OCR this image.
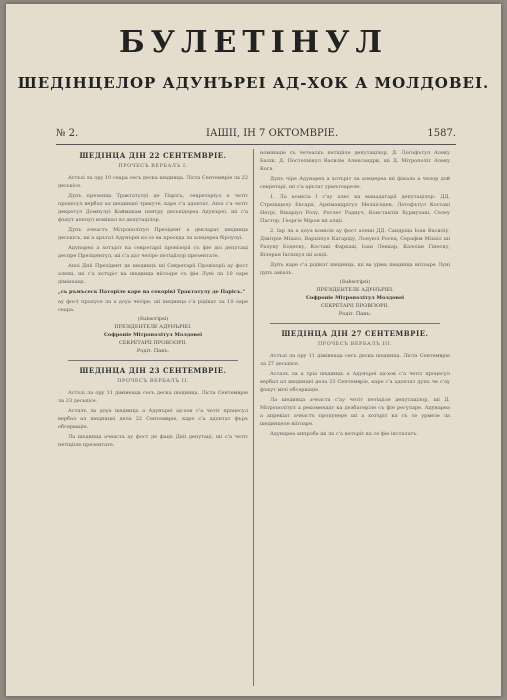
БУЛЕТIНУЛ
ШЕДIНЦЕЛОР АДУНЪРЕI АД-ХОК А МОЛДОВЕI.
№ 2.	IАШII, IН 7 ОКТОМВРIЕ.	1587.
ШЕДIНЦА ДIН 22 СЕНТЕМВРIЕ.
ПРОЧЕСЪ ВЕРБАЛЪ I.

Астъзi ла ору 10 сеара сесъ деска шединца. Лiста Сентемврiе ла 22 деськiсе.

Дупъ презенца Трактатулуi де Парiсъ, секретарiул а четiт процесул вербал ал шединцеi трекуте, каре с'а адоптат. Апоi с'а четiт декретул Домнулуi Каймакам пентру деськiдереа Адунъреi, шi с'а фъкут апелул номiнал ал депутацiлор.

Дупъ ачеастъ Мiтрополiтул Презiдент а декларат шединца деськiсъ, шi а арътат Адунъреi кэ се ва проседа ла алеџереа бiроулуi.

Адунареа а хотърiт ка секретарii провiзорii съ фiе доi депутацi деспре Презiдентул, шi с'а дат четiре петiцiiлор презентате.

Апоi Днii Презiдент де шединцъ шi Секретарii Провiзорii ау фост алешi, шi с'а хотърiт ка шединца вiiтоаре съ фiе Лунi ла 10 оаре дiмiнеаца.

„сь ръмъсеск Паторiле каре ва секорiкi Трактатулу де Парiсъ."

ау фост пропусе ла а доуа четiре, шi шединца с'а рiдiкат ла 10 оаре сеара.

(Subscripsi)
ПРЕЗIДЕНТЕЛЕ АДУНЪРIЕI.
Софронiе Мiтрополiтул Молдовеi
СЕКРЕТАРII ПРОВIЗОРII.
Родiт. Пакъ.
ШЕДIНЦА ДIН 23 СЕНТЕМВРIЕ.
ПРОЧЕСЪ ВЕРБАЛЪ II.

Астъзi ла ору 11 дiмiнеаца сесъ деска шединца. Лiста Сентемврiе ла 23 деськiсе.

Асталъ ла доуа шединцъ а Адунъреi ад-хок с'а четiт процесул вербал ал шединцеi дела 22 Сентемврiе, каре с'а адоптат фъръ обсервацiе.

Ла шединца ачеаста ау фост де фацъ Днii депутацi, шi с'а четiт петiцiiле презентате.

номiнацiе съ четеаскъ петiцiiле депутацiлор, Д. Лоґофътул Алеку Балш, Д. Постелнiкул Василiе Александри, шi Д. Мiтрополiт Алеку Кога.

Дупъ чiре Адунареа а хотърiт ла алеџереа шi фiнала а челор дой секретарi, шi с'а арътат урмътоареле:

1. Ла комiсiа I с'ау алес ка манадатарii депутацiлор: ДД. Стреiшцелу Ексарх, Архiмандрiтул Мелхiседек, Логофътул Костакi Негрi, Вiкарiул Ролу, Рослет Раднуч, Константiн Хурмузакi, Селеу Пастор, Георгiе Мiрон шi алцii.

2. Iар ла а доуа комiсiе ау фост алешi ДД. Сандрiца Iоан Василiу, Дiмiтрiе Мiхаiл, Вархiпiул Кагарiду, Лопуюл Росец, Серафiм Мiхаiл шi Ралуку Бодеску, Костакi Фаркаш, Iоан Ленкар, Калоiан Гiнеску, Вiлеран Iасiнкул шi алцii.

Дупъ каре с'а рiдiкат шединца, шi ва урма шединца вiiтоаре Лунi дупъ амiазъ.

(Subscripsi)
ПРЕЗIДЕНТЕЛЕ АДУНЪРIЕI.
Софронiе Мiтрополiтул Молдовеi
СЕКРЕТАРII ПРОВIЗОРII.
Родiт. Пакъ.
ШЕДIНЦА ДIН 27 СЕНТЕМВРIЕ.
ПРОЧЕСЪ ВЕРБАЛЪ III.

Астъзi ла ору 11 дiмiнеаца сесъ деска шединца. Лiста Сентемврiе ла 27 деськiсе.

Асталъ ла а трiа шединцъ а Адунъреi ад-хок с'а четiт процесул вербал ал шединцеi дела 23 Сентемврiе, каре с'а адоптат дупъ че с'ау фъкут мiчi обсервацiе.

Ла шединца ачеаста с'ау четiт петiцiiле депутацiлор, шi Д. Мiтрополiтул а рекомендат ка дезбатерiле съ фiе регуларе. Адунареа а апрекiат ачеастъ пропунере шi а хотърiт ка съ се урмезе ла шединцеле вiiтоаре.

Адунареа аппроба шi ла с'а кетърiт ка се фiе iнсталатъ.
